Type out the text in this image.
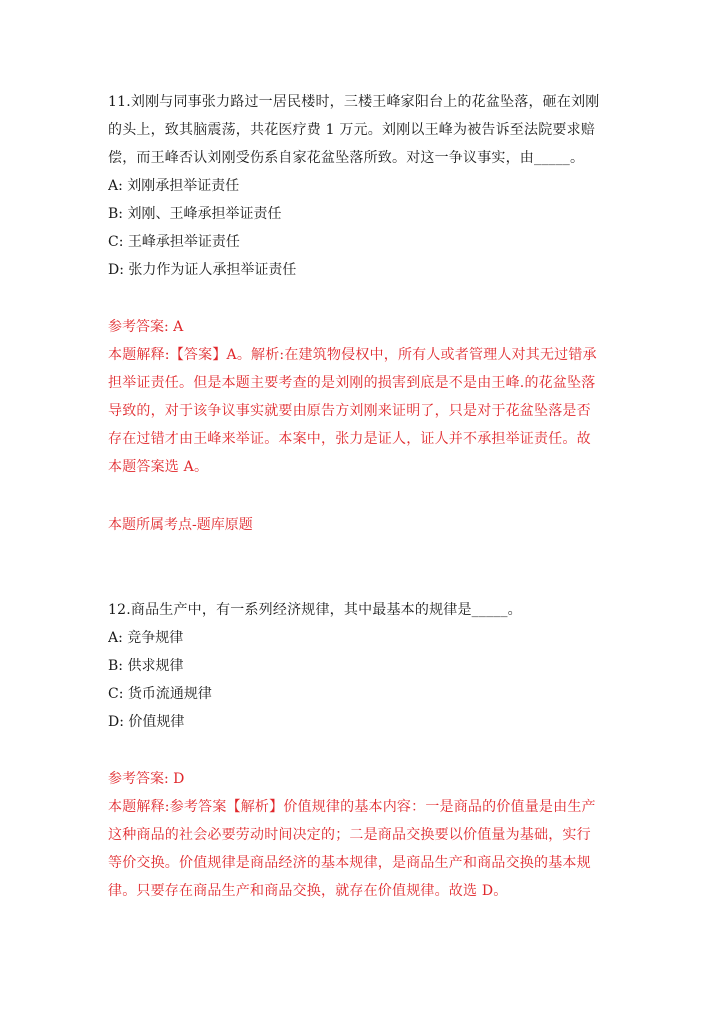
11.刘刚与同事张力路过一居民楼时，三楼王峰家阳台上的花盆坠落，砸在刘刚
的头上，致其脑震荡，共花医疗费 1 万元。刘刚以王峰为被告诉至法院要求赔
偿，而王峰否认刘刚受伤系自家花盆坠落所致。对这一争议事实，由_____。
A: 刘刚承担举证责任
B: 刘刚、王峰承担举证责任
C: 王峰承担举证责任
D: 张力作为证人承担举证责任
参考答案: A
本题解释:【答案】A。解析:在建筑物侵权中，所有人或者管理人对其无过错承
担举证责任。但是本题主要考查的是刘刚的损害到底是不是由王峰.的花盆坠落
导致的，对于该争议事实就要由原告方刘刚来证明了，只是对于花盆坠落是否
存在过错才由王峰来举证。本案中，张力是证人，证人并不承担举证责任。故
本题答案选 A。
本题所属考点-题库原题
12.商品生产中，有一系列经济规律，其中最基本的规律是_____。
A: 竞争规律
B: 供求规律
C: 货币流通规律
D: 价值规律
参考答案: D
本题解释:参考答案【解析】价值规律的基本内容：一是商品的价值量是由生产
这种商品的社会必要劳动时间决定的；二是商品交换要以价值量为基础，实行
等价交换。价值规律是商品经济的基本规律，是商品生产和商品交换的基本规
律。只要存在商品生产和商品交换，就存在价值规律。故选 D。
